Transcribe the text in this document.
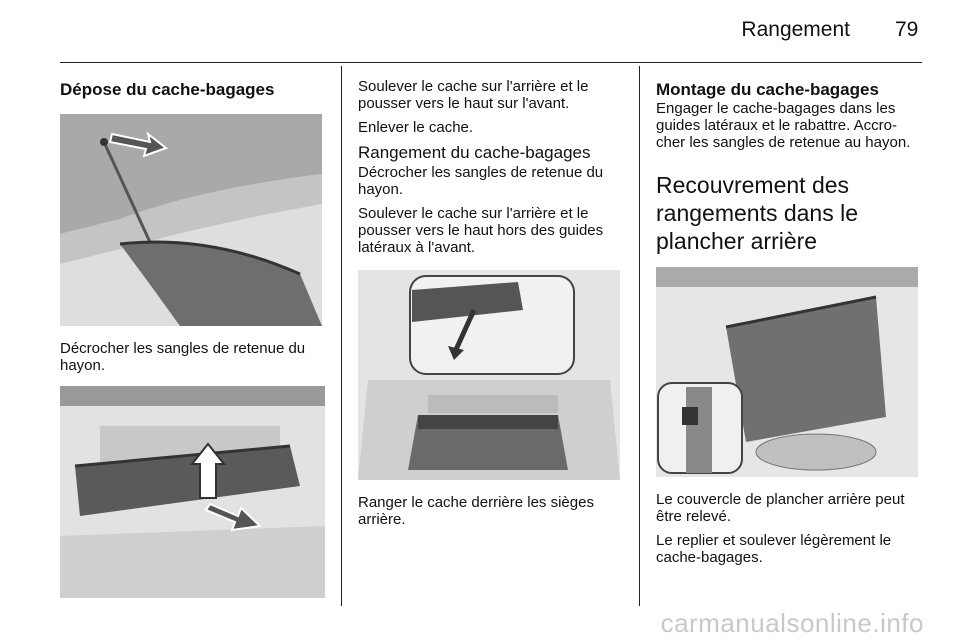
Rangement 79
Dépose du cache-bagages

Décrocher les sangles de retenue du hayon.

Soulever le cache sur l'arrière et le pousser vers le haut sur l'avant.

Enlever le cache.

Rangement du cache-bagages

Décrocher les sangles de retenue du hayon.

Soulever le cache sur l'arrière et le pousser vers le haut hors des guides latéraux à l'avant.

Ranger le cache derrière les sièges arrière.

Montage du cache-bagages

Engager le cache-bagages dans les guides latéraux et le rabattre. Accro-cher les sangles de retenue au hayon.

Recouvrement des rangements dans le plancher arrière

Le couvercle de plancher arrière peut être relevé.

Le replier et soulever légèrement le cache-bagages.

carmanualsonline.info
